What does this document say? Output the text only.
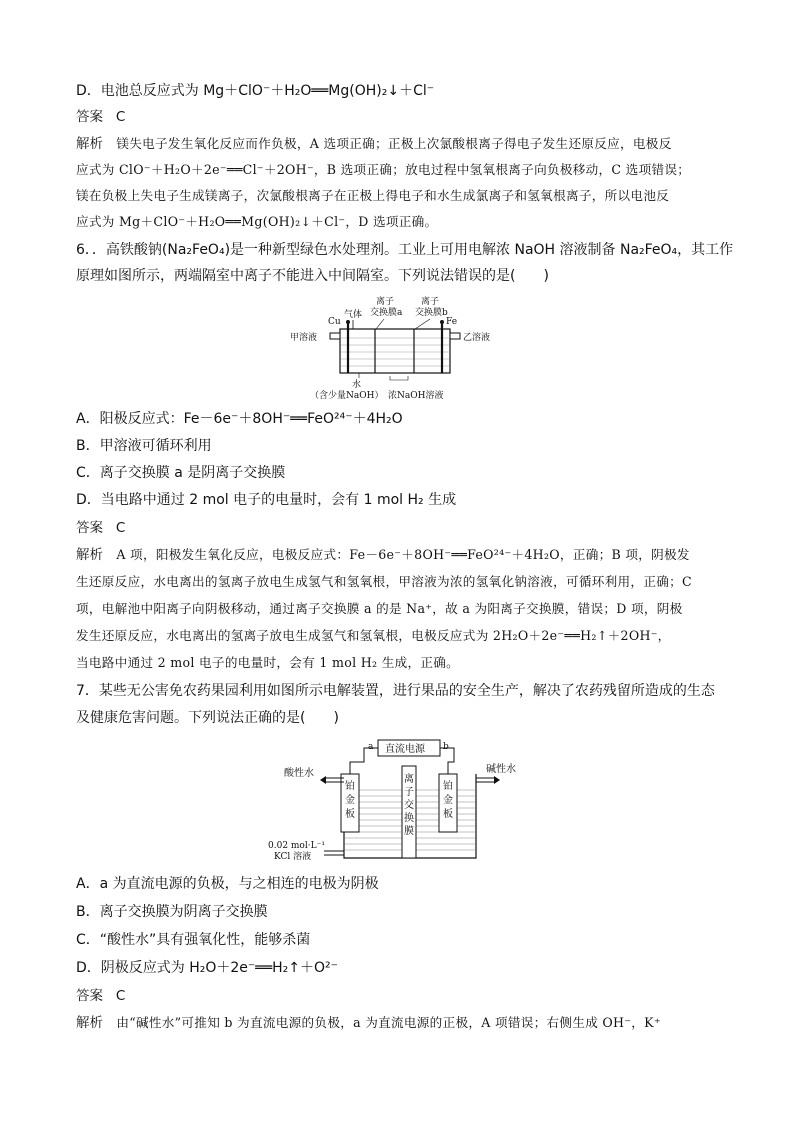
D．电池总反应式为 Mg＋ClO⁻＋H₂O══Mg(OH)₂↓＋Cl⁻
答案 C
解析 镁失电子发生氧化反应而作负极，A 选项正确；正极上次氯酸根离子得电子发生还原反应，电极反
应式为 ClO⁻＋H₂O＋2e⁻══Cl⁻＋2OH⁻，B 选项正确；放电过程中氢氧根离子向负极移动，C 选项错误；
镁在负极上失电子生成镁离子，次氯酸根离子在正极上得电子和水生成氯离子和氢氧根离子，所以电池反
应式为 Mg＋ClO⁻＋H₂O══Mg(OH)₂↓＋Cl⁻，D 选项正确。
6．．高铁酸钠(Na₂FeO₄)是一种新型绿色水处理剂。工业上可用电解浓 NaOH 溶液制备 Na₂FeO₄，其工作
原理如图所示，两端隔室中离子不能进入中间隔室。下列说法错误的是(　　)
Cu	Fe
气体
离子
交换膜a
离子
交换膜b
甲溶液	乙溶液
水
（含少量NaOH） 浓NaOH溶液
A．阳极反应式：Fe－6e⁻＋8OH⁻══FeO²⁴⁻＋4H₂O
B．甲溶液可循环利用
C．离子交换膜 a 是阴离子交换膜
D．当电路中通过 2 mol 电子的电量时，会有 1 mol H₂ 生成
答案 C
解析 A 项，阳极发生氧化反应，电极反应式：Fe－6e⁻＋8OH⁻══FeO²⁴⁻＋4H₂O，正确；B 项，阴极发
生还原反应，水电离出的氢离子放电生成氢气和氢氧根，甲溶液为浓的氢氧化钠溶液，可循环利用，正确；C
项，电解池中阳离子向阴极移动，通过离子交换膜 a 的是 Na⁺，故 a 为阳离子交换膜，错误；D 项，阴极
发生还原反应，水电离出的氢离子放电生成氢气和氢氧根，电极反应式为 2H₂O＋2e⁻══H₂↑＋2OH⁻，
当电路中通过 2 mol 电子的电量时，会有 1 mol H₂ 生成，正确。
7．某些无公害免农药果园利用如图所示电解装置，进行果品的安全生产，解决了农药残留所造成的生态
及健康危害问题。下列说法正确的是(　　)
直流电源
a	b
铂
金
板
铂
金
板
离
子
交
换
膜
酸性水	碱性水
0.02 mol·L⁻¹
KCl 溶液
A．a 为直流电源的负极，与之相连的电极为阴极
B．离子交换膜为阴离子交换膜
C．“酸性水”具有强氧化性，能够杀菌
D．阴极反应式为 H₂O＋2e⁻══H₂↑＋O²⁻
答案 C
解析 由“碱性水”可推知 b 为直流电源的负极，a 为直流电源的正极，A 项错误；右侧生成 OH⁻，K⁺
